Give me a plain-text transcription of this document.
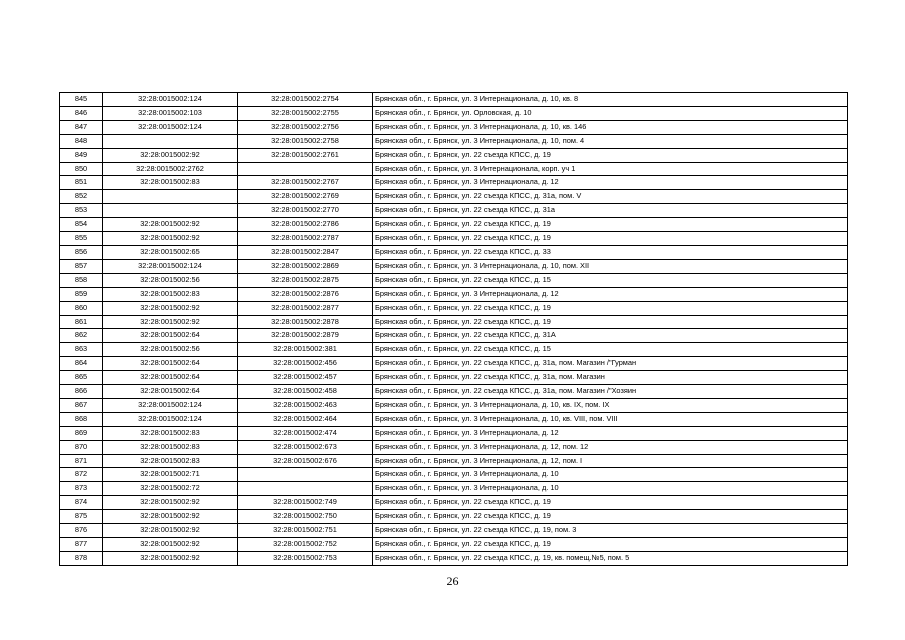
845	32:28:0015002:124	32:28:0015002:2754	Брянская обл., г. Брянск, ул. 3 Интернационала, д. 10, кв. 8
846	32:28:0015002:103	32:28:0015002:2755	Брянская обл., г. Брянск, ул. Орловская, д. 10
847	32:28:0015002:124	32:28:0015002:2756	Брянская обл., г. Брянск, ул. 3 Интернационала, д. 10, кв. 146
848		32:28:0015002:2758	Брянская обл., г. Брянск, ул. 3 Интернационала, д. 10, пом. 4
849	32:28:0015002:92	32:28:0015002:2761	Брянская обл., г. Брянск, ул. 22 съезда КПСС, д. 19
850	32:28:0015002:2762		Брянская обл., г. Брянск, ул. 3 Интернационала, корп. уч 1
851	32:28:0015002:83	32:28:0015002:2767	Брянская обл., г. Брянск, ул. 3 Интернационала, д. 12
852		32:28:0015002:2769	Брянская обл., г. Брянск, ул. 22 съезда КПСС, д. 31а, пом. V
853		32:28:0015002:2770	Брянская обл., г. Брянск, ул. 22 съезда КПСС, д. 31а
854	32:28:0015002:92	32:28:0015002:2786	Брянская обл., г. Брянск, ул. 22 съезда КПСС, д. 19
855	32:28:0015002:92	32:28:0015002:2787	Брянская обл., г. Брянск, ул. 22 съезда КПСС, д. 19
856	32:28:0015002:65	32:28:0015002:2847	Брянская обл., г. Брянск, ул. 22 съезда КПСС, д. 33
857	32:28:0015002:124	32:28:0015002:2869	Брянская обл., г. Брянск, ул. 3 Интернационала, д. 10, пом. XII
858	32:28:0015002:56	32:28:0015002:2875	Брянская обл., г. Брянск, ул. 22 съезда КПСС, д. 15
859	32:28:0015002:83	32:28:0015002:2876	Брянская обл., г. Брянск, ул. 3 Интернационала, д. 12
860	32:28:0015002:92	32:28:0015002:2877	Брянская обл., г. Брянск, ул. 22 съезда КПСС, д. 19
861	32:28:0015002:92	32:28:0015002:2878	Брянская обл., г. Брянск, ул. 22 съезда КПСС, д. 19
862	32:28:0015002:64	32:28:0015002:2879	Брянская обл., г. Брянск, ул. 22 съезда КПСС, д. 31А
863	32:28:0015002:56	32:28:0015002:381	Брянская обл., г. Брянск, ул. 22 съезда КПСС, д. 15
864	32:28:0015002:64	32:28:0015002:456	Брянская обл., г. Брянск, ул. 22 съезда КПСС, д. 31а, пом. Магазин /"Гурман
865	32:28:0015002:64	32:28:0015002:457	Брянская обл., г. Брянск, ул. 22 съезда КПСС, д. 31а, пом. Магазин
866	32:28:0015002:64	32:28:0015002:458	Брянская обл., г. Брянск, ул. 22 съезда КПСС, д. 31а, пом. Магазин /"Хозяин
867	32:28:0015002:124	32:28:0015002:463	Брянская обл., г. Брянск, ул. 3 Интернационала, д. 10, кв. IX, пом. IX
868	32:28:0015002:124	32:28:0015002:464	Брянская обл., г. Брянск, ул. 3 Интернационала, д. 10, кв. VIII, пом. VIII
869	32:28:0015002:83	32:28:0015002:474	Брянская обл., г. Брянск, ул. 3 Интернационала, д. 12
870	32:28:0015002:83	32:28:0015002:673	Брянская обл., г. Брянск, ул. 3 Интернационала, д. 12, пом. 12
871	32:28:0015002:83	32:28:0015002:676	Брянская обл., г. Брянск, ул. 3 Интернационала, д. 12, пом. I
872	32:28:0015002:71		Брянская обл., г. Брянск, ул. 3 Интернационала, д. 10
873	32:28:0015002:72		Брянская обл., г. Брянск, ул. 3 Интернационала, д. 10
874	32:28:0015002:92	32:28:0015002:749	Брянская обл., г. Брянск, ул. 22 съезда КПСС, д. 19
875	32:28:0015002:92	32:28:0015002:750	Брянская обл., г. Брянск, ул. 22 съезда КПСС, д. 19
876	32:28:0015002:92	32:28:0015002:751	Брянская обл., г. Брянск, ул. 22 съезда КПСС, д. 19, пом. 3
877	32:28:0015002:92	32:28:0015002:752	Брянская обл., г. Брянск, ул. 22 съезда КПСС, д. 19
878	32:28:0015002:92	32:28:0015002:753	Брянская обл., г. Брянск, ул. 22 съезда КПСС, д. 19, кв. помещ.№5, пом. 5
26
